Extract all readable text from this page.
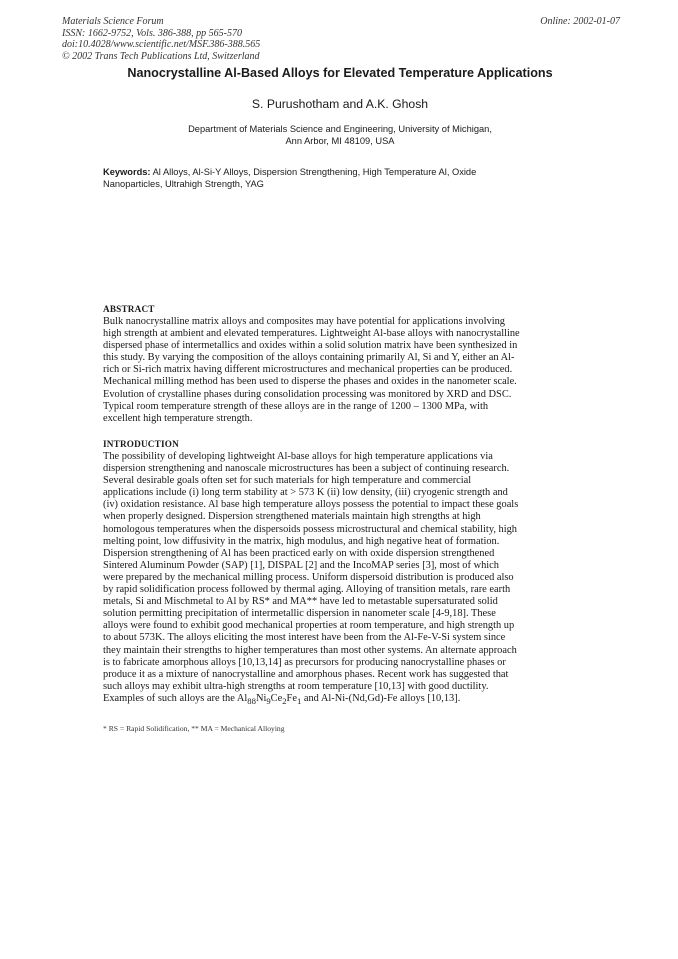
Materials Science Forum
ISSN: 1662-9752, Vols. 386-388, pp 565-570
doi:10.4028/www.scientific.net/MSF.386-388.565
© 2002 Trans Tech Publications Ltd, Switzerland
Online: 2002-01-07
Nanocrystalline Al-Based Alloys for Elevated Temperature Applications
S. Purushotham and A.K. Ghosh
Department of Materials Science and Engineering, University of Michigan,
Ann Arbor, MI 48109, USA
Keywords: Al Alloys, Al-Si-Y Alloys, Dispersion Strengthening, High Temperature Al, Oxide
Nanoparticles, Ultrahigh Strength, YAG
ABSTRACT
Bulk nanocrystalline matrix alloys and composites may have potential for applications involving
high strength at ambient and elevated temperatures. Lightweight Al-base alloys with nanocrystalline
dispersed phase of intermetallics and oxides within a solid solution matrix have been synthesized in
this study. By varying the composition of the alloys containing primarily Al, Si and Y, either an Al-
rich or Si-rich matrix having different microstructures and mechanical properties can be produced.
Mechanical milling method has been used to disperse the phases and oxides in the nanometer scale.
Evolution of crystalline phases during consolidation processing was monitored by XRD and DSC.
Typical room temperature strength of these alloys are in the range of 1200 – 1300 MPa, with
excellent high temperature strength.
INTRODUCTION
The possibility of developing lightweight Al-base alloys for high temperature applications via
dispersion strengthening and nanoscale microstructures has been a subject of continuing research.
Several desirable goals often set for such materials for high temperature and commercial
applications include (i) long term stability at > 573 K (ii) low density, (iii) cryogenic strength and
(iv) oxidation resistance. Al base high temperature alloys possess the potential to impact these goals
when properly designed. Dispersion strengthened materials maintain high strengths at high
homologous temperatures when the dispersoids possess microstructural and chemical stability, high
melting point, low diffusivity in the matrix, high modulus, and high negative heat of formation.
Dispersion strengthening of Al has been practiced early on with oxide dispersion strengthened
Sintered Aluminum Powder (SAP) [1], DISPAL [2] and the IncoMAP series [3], most of which
were prepared by the mechanical milling process. Uniform dispersoid distribution is produced also
by rapid solidification process followed by thermal aging. Alloying of transition metals, rare earth
metals, Si and Mischmetal to Al by RS* and MA** have led to metastable supersaturated solid
solution permitting precipitation of intermetallic dispersion in nanometer scale [4-9,18]. These
alloys were found to exhibit good mechanical properties at room temperature, and high strength up
to about 573K. The alloys eliciting the most interest have been from the Al-Fe-V-Si system since
they maintain their strengths to higher temperatures than most other systems. An alternate approach
is to fabricate amorphous alloys [10,13,14] as precursors for producing nanocrystalline phases or
produce it as a mixture of nanocrystalline and amorphous phases. Recent work has suggested that
such alloys may exhibit ultra-high strengths at room temperature [10,13] with good ductility.
Examples of such alloys are the $Al_{88}Ni_9Ce_2Fe_1$ and Al-Ni-(Nd,Gd)-Fe alloys [10,13].
* RS = Rapid Solidification, ** MA = Mechanical Alloying
